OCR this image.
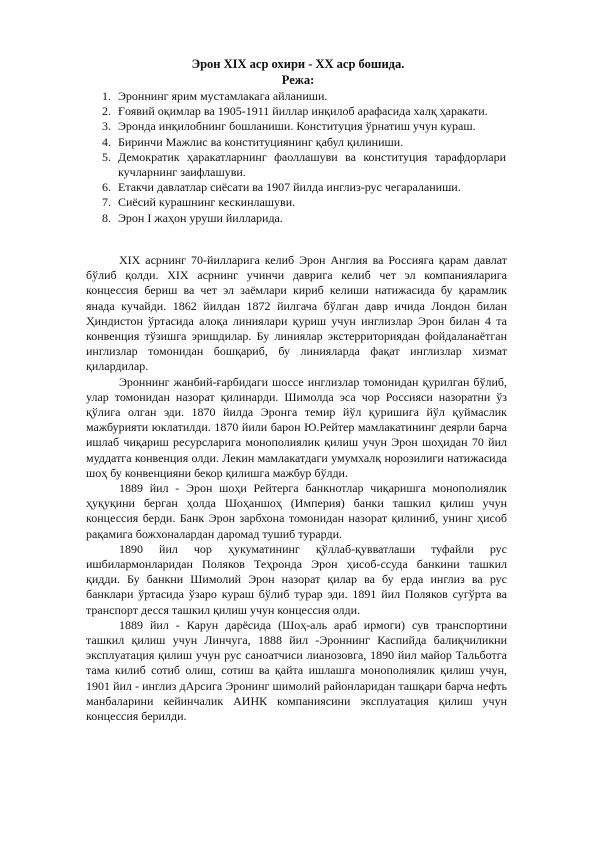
Эрон XIX аср охири - XX аср бошида.
Режа:
1. Эроннинг ярим мустамлакага айланиши.
2. Ғоявий оқимлар ва 1905-1911 йиллар инқилоб арафасида халқ ҳаракати.
3. Эронда инқилобнинг бошланиши. Конституция ўрнатиш учун кураш.
4. Биринчи Мажлис ва конституциянинг қабул қилиниши.
5. Демократик ҳаракатларнинг фаоллашуви ва конституция тарафдорлари кучларнинг заифлашуви.
6. Етакчи давлатлар сиёсати ва 1907 йилда инглиз-рус чегараланиши.
7. Сиёсий курашнинг кескинлашуви.
8. Эрон I жаҳон уруши йилларида.

XIX асрнинг 70-йилларига келиб Эрон Англия ва Россияга қарам давлат бўлиб қолди. XIX асрнинг учинчи даврига келиб чет эл компанияларига концессия бериш ва чет эл заёмлари кириб келиши натижасида бу қарамлик янада кучайди. 1862 йилдан 1872 йилгача бўлган давр ичида Лондон билан Ҳиндистон ўртасида алоқа линиялари қуриш учун инглизлар Эрон билан 4 та конвенция тўзишга эришдилар. Бу линиялар экстерриториядан фойдаланаётган инглизлар томонидан бошқариб, бу линияларда фақат инглизлар хизмат қилардилар.

Эроннинг жанбий-ғарбидаги шоссе инглизлар томонидан қурилган бўлиб, улар томонидан назорат қилинарди. Шимолда эса чор Россияси назоратни ўз қўлига олган эди. 1870 йилда Эронга темир йўл қуришига йўл қуймаслик мажбурияти юклатилди. 1870 йили барон Ю.Рейтер мамлакатининг деярли барча ишлаб чиқариш ресурсларига монополиялик қилиш учун Эрон шоҳидан 70 йил муддатга конвенция олди. Лекин мамлакатдаги умумхалқ норозилиги натижасида шоҳ бу конвенцияни бекор қилишга мажбур бўлди.

1889 йил - Эрон шоҳи Рейтерга банкнотлар чиқаришга монополиялик ҳуқуқини берган ҳолда Шоҳаншоҳ (Империя) банки ташкил қилиш учун концессия берди. Банк Эрон зарбхона томонидан назорат қилиниб, унинг ҳисоб рақамига божхоналардан даромад тушиб турарди.

1890 йил чор ҳукуматининг қўллаб-қувватлаши туфайли рус ишбилармонларидан Поляков Теҳронда Эрон ҳисоб-ссуда банкини ташкил қидди. Бу банкни Шимолий Эрон назорат қилар ва бу ерда инглиз ва рус банклари ўртасида ўзаро кураш бўлиб турар эди. 1891 йил Поляков сугўрта ва транспорт десся ташкил қилиш учун концессия олди.

1889 йил - Карун дарёсида (Шоҳ-аль араб ирмоги) сув транспортини ташкил қилиш учун Линчуга, 1888 йил -Эроннинг Каспийда балиқчиликни эксплуатация қилиш учун рус саноатчиси лианозовга, 1890 йил майор Тальботга тама килиб сотиб олиш, сотиш ва қайта ишлашга монополиялик қилиш учун, 1901 йил - инглиз дАрсига Эронинг шимолий районларидан ташқари барча нефть манбаларини кейинчалик АИНК компаниясини эксплуатация қилиш учун концессия берилди.
